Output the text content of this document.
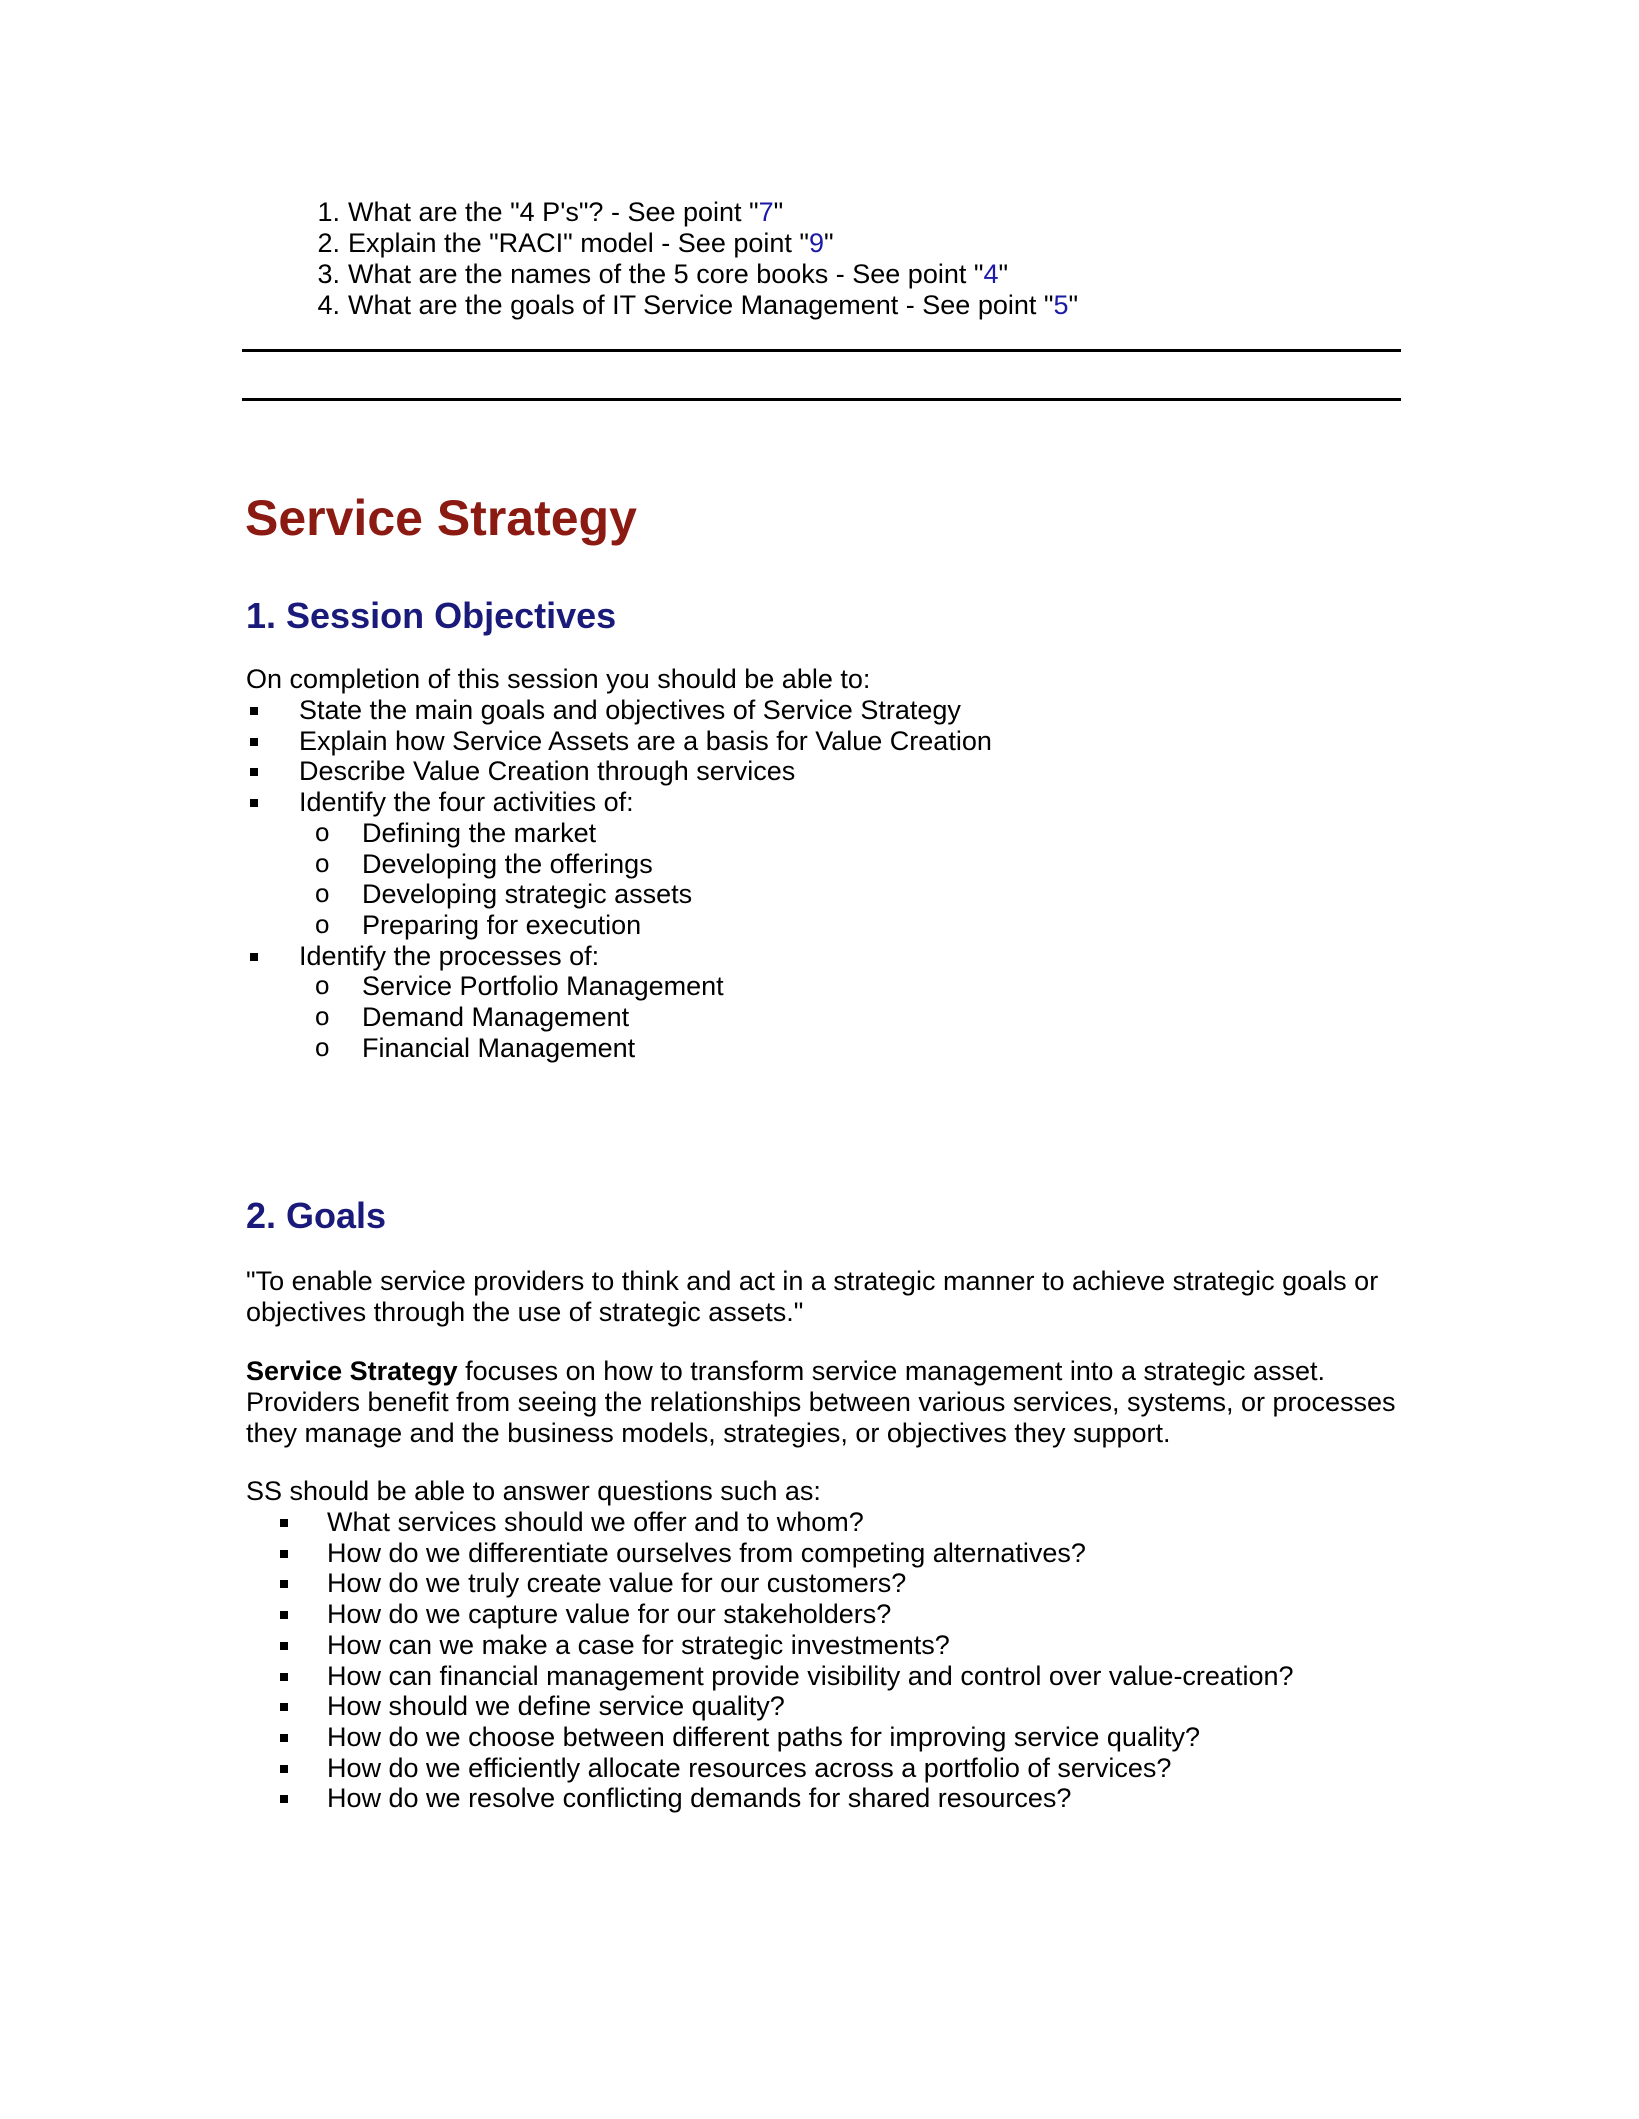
1. What are the "4 P's"? - See point "7"
2. Explain the "RACI" model - See point "9"
3. What are the names of the 5 core books - See point "4"
4. What are the goals of IT Service Management - See point "5"
Service Strategy
1. Session Objectives

On completion of this session you should be able to:

State the main goals and objectives of Service Strategy
Explain how Service Assets are a basis for Value Creation
Describe Value Creation through services
Identify the four activities of:
o Defining the market
o Developing the offerings
o Developing strategic assets
o Preparing for execution
Identify the processes of:
o Service Portfolio Management
o Demand Management
o Financial Management
2. Goals

"To enable service providers to think and act in a strategic manner to achieve strategic goals or
objectives through the use of strategic assets."

Service Strategy focuses on how to transform service management into a strategic asset.
Providers benefit from seeing the relationships between various services, systems, or processes
they manage and the business models, strategies, or objectives they support.

SS should be able to answer questions such as:

What services should we offer and to whom?
How do we differentiate ourselves from competing alternatives?
How do we truly create value for our customers?
How do we capture value for our stakeholders?
How can we make a case for strategic investments?
How can financial management provide visibility and control over value-creation?
How should we define service quality?
How do we choose between different paths for improving service quality?
How do we efficiently allocate resources across a portfolio of services?
How do we resolve conflicting demands for shared resources?
